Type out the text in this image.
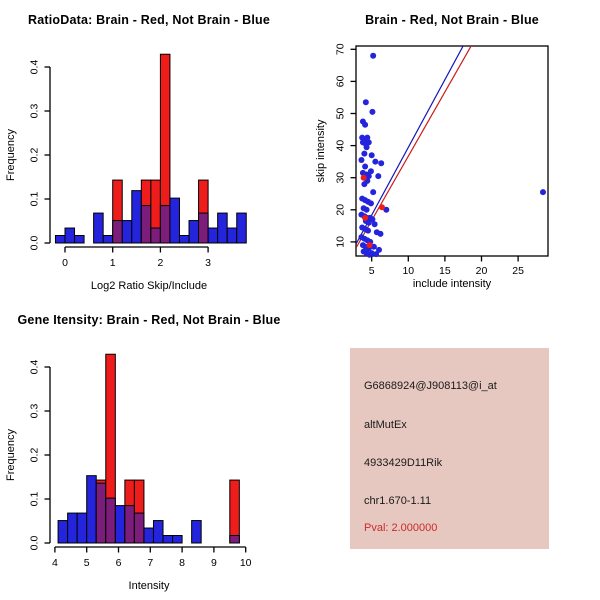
0.0
0.1
0.2
0.3
0.4
0	1	2	3
RatioData: Brain - Red, Not Brain - Blue
Log2 Ratio Skip/Include
Frequency
5	10 15 20 25
10
20
30
40
50
60
70
Brain - Red, Not Brain - Blue
include intensity
skip intensity
0.0
0.1
0.2
0.3
0.4
4 5 6 7 8 9 10
Gene Itensity: Brain - Red, Not Brain - Blue
Intensity
Frequency
G6868924@J908113@i_at
altMutEx
4933429D11Rik
chr1.670-1.11
Pval: 2.000000
